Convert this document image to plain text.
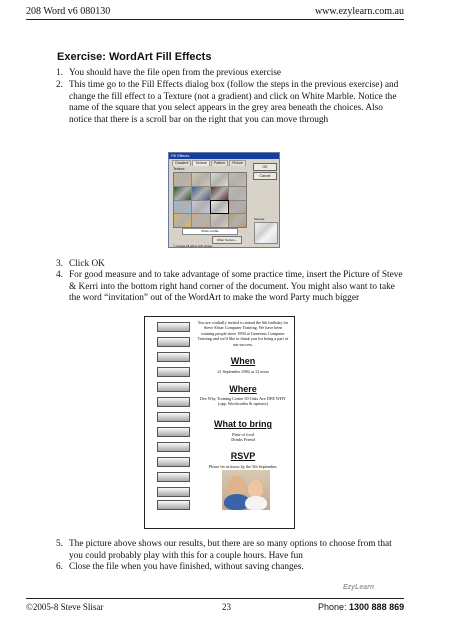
208 Word v6 080130	www.ezylearn.com.au
Exercise: WordArt Fill Effects
1. You should have the file open from the previous exercise
2. This time go to the Fill Effects dialog box (follow the steps in the previous exercise) and change the fill effect to a Texture (not a gradient) and click on White Marble. Notice the name of the square that you select appears in the grey area beneath the choices. Also notice that there is a scroll bar on the right that you can move through
Fill Effects
Gradient	Texture	Pattern	Picture
Texture:
White marble
Other Texture...
☐ Rotate fill effect with shape
OK
Cancel
Sample:
3. Click OK
4. For good measure and to take advantage of some practice time, insert the Picture of Steve & Kerri into the bottom right hand corner of the document. You might also want to take the word “invitation” out of the WordArt to make the word Party much bigger
You are cordially invited to attend the 6th birthday for Steve Slisar Computer Training. We have been training people since 1994 at Generous Computer Training and we'd like to thank you for being a part of our success.
When
21 September 2002 at 12 noon
Where
Dee Why Training Centre 50 Oaks Ave DEE WHY (opp. Woolworths & upstairs)
What to bring
Plate of food Drinks Friend
RSVP
Please let us know by the 5th September.
5. The picture above shows our results, but there are so many options to choose from that you could probably play with this for a couple hours. Have fun
6. Close the file when you have finished, without saving changes.
EzyLearn
©2005-8 Steve Slisar	23	Phone: 1300 888 869
